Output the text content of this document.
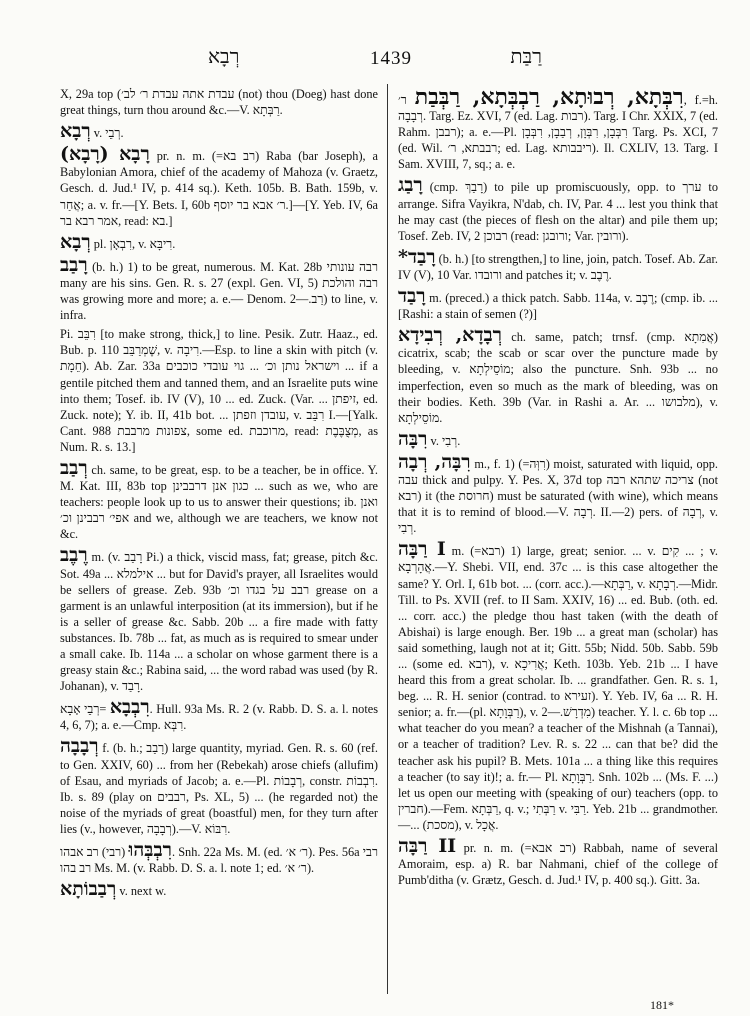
רְבָא	1439	רַבַּת

X, 29a top (עבדת אתה עבדת ר׳ לב׳ (not) thou (Doeg) hast done great things, turn thou around &c.—V. רַבְּתָא.

רְבָא v. רְבֵי.

רָבָא (רָבָא) pr. n. m. (=רב בא) Raba (bar Joseph), a Babylonian Amora, chief of the academy of Mahoza (v. Graetz, Gesch. d. Jud.¹ IV, p. 414 sq.). Keth. 105b. B. Bath. 159b, v. אֲחַר; a. v. fr.—[Y. Bets. I, 60b ר׳ אבא בר יוסף.]—[Y. Yeb. IV, 6a אמר רבא בר, read: בא.]

רְבָא pl. רִבְאָן, v. רִיבָּא.

רָבַב (b. h.) 1) to be great, numerous. M. Kat. 28b רבה עונותי many are his sins. Gen. R. s. 27 (expl. Gen. VI, 5) רבה והולכת was growing more and more; a. e.— Denom. רַב.—2) to line, v. infra.

Pi. רִבֵּב [to make strong, thick,] to line. Pesik. Zutr. Haaz., ed. Bub. p. 110 שֶׁמְרַבֵּב, v. רִיבָה.—Esp. to line a skin with pitch (v. חֵמָת). Ab. Zar. 33a וישראל נותן וכ׳ ... גוי עובדי כוכבים ... if a gentile pitched them and tanned them, and an Israelite puts wine into them; Tosef. ib. IV (V), 10 ... ed. Zuck. (Var. ... זיפתן, ed. Zuck. note); Y. ib. II, 41b bot. ... עובדן וזפתן, v. רִבֵּב I.—[Yalk. Cant. 988 צפונות מרבבת, some ed. מרוכבת, read: מְצֻבֶּבֶת, as Num. R. s. 13.]

רְבַב ch. same, to be great, esp. to be a teacher, be in office. Y. M. Kat. III, 83b top כגון אנן דרבבינן ... such as we, who are teachers: people look up to us to answer their questions; ib. ואנן אפי׳ רבבינן וכ׳ and we, although we are teachers, we know not &c.

רֶבֶב m. (v. רָבַב Pi.) a thick, viscid mass, fat; grease, pitch &c. Sot. 49a ... אילמלא ... but for David's prayer, all Israelites would be sellers of grease. Zeb. 93b רבב על בגדו וכ׳ grease on a garment is an unlawful interposition (at its immersion), but if he is a seller of grease &c. Sabb. 20b ... a fire made with fatty substances. Ib. 78b ... fat, as much as is required to smear under a small cake. Ib. 114a ... a scholar on whose garment there is a greasy stain &c.; Rabina said, ... the word rabad was used (by R. Johanan), v. רָבַד.

רִבְבָא =רְבֵי אָבָא. Hull. 93a Ms. R. 2 (v. Rabb. D. S. a. l. notes 4, 6, 7); a. e.—Cmp. רִבְּא.

רְבָבָה f. (b. h.; רָבַב) large quantity, myriad. Gen. R. s. 60 (ref. to Gen. XXIV, 60) ... from her (Rebekah) arose chiefs (allufim) of Esau, and myriads of Jacob; a. e.—Pl. רְבָבוֹת, constr. רִבְבוֹת. Ib. s. 89 (play on רבבים, Ps. XL, 5) ... (he regarded not) the noise of the myriads of great (boastful) men, for they turn after lies (v., however, רְבָבָה).—V. רִבּוֹא.

רִבְבְּהוּ (רבי) רב אבהו. Snh. 22a Ms. M. (ed. ר׳ א׳). Pes. 56a רבי רב בהו Ms. M. (v. Rabb. D. S. a. l. note 1; ed. ר׳ א׳).

רְבַבוֹתָא v. next w.

רִבְּתָא, רְבוּתָא, רַבְבְּתָא, רַבְּבַת ר׳, f.=h. רְבָבָה. Targ. Ez. XVI, 7 (ed. Lag. רבות). Targ. I Chr. XXIX, 7 (ed. Rahm. רבבן); a. e.—Pl. רִבְּבָן, רִבְּוָן, רְבַבָן, רִבְּבָן Targ. Ps. XCI, 7 (ed. Wil. רבבתא, ר׳; ed. Lag. ריבבותא). Il. CXLIV, 13. Targ. I Sam. XVIII, 7, sq.; a. e.

רָבַג (cmp. רָבַךְ) to pile up promiscuously, opp. to ערך to arrange. Sifra Vayikra, N'dab, ch. IV, Par. 4 ... lest you think that he may cast (the pieces of flesh on the altar) and pile them up; Tosef. Zeb. IV, 2 רבוכן (read: ורובגן; Var. ורובין).

*רָבַד (b. h.) [to strengthen,] to line, join, patch. Tosef. Ab. Zar. IV (V), 10 Var. ורובדו and patches it; v. רֶבֶב.

רָבַד m. (preced.) a thick patch. Sabb. 114a, v. רֶבֶב; (cmp. ib. ... [Rashi: a stain of semen (?)]

רְבָדָא, רְבִידָא ch. same, patch; trnsf. (cmp. אֲמִתָא) cicatrix, scab; the scab or scar over the puncture made by bleeding, v. מוֹסֵילְתָא; also the puncture. Snh. 93b ... no imperfection, even so much as the mark of bleeding, was on their bodies. Keth. 39b (Var. in Rashi a. Ar. ... מלבושו), v. מוֹסֵילְתָא.

רִבָּה v. רְבִי.

רִבָּה, רְבָה m., f. 1) (=רִוְּה) moist, saturated with liquid, opp. עבה thick and pulpy. Y. Pes. X, 37d top צריכה שתהא רבה (not רבא) it (the חרוסת) must be saturated (with wine), which means that it is to remind of blood.—V. רְבָה. II.—2) pers. of רְבָה, v. רְבִי.

רַבָּה I m. (=רבא) 1) large, great; senior. ... v. קִים ... ; v. אֲהָרְבָא.—Y. Shebi. VII, end. 37c ... is this case altogether the same? Y. Orl. I, 61b bot. ... (corr. acc.).—רַבְּתָא, v. רְבָתָא.—Midr. Till. to Ps. XVII (ref. to II Sam. XXIV, 16) ... ed. Bub. (oth. ed. ... corr. acc.) the pledge thou hast taken (with the death of Abishai) is large enough. Ber. 19b ... a great man (scholar) has said something, laugh not at it; Gitt. 55b; Nidd. 50b. Sabb. 59b ... (some ed. רבא), v. אֲרִיכָא; Keth. 103b. Yeb. 21b ... I have heard this from a great scholar. Ib. ... grandfather. Gen. R. s. 1, beg. ... R. H. senior (contrad. to זעירא). Y. Yeb. IV, 6a ... R. H. senior; a. fr.—(pl. רַבְּוָתָא), v. מִדְרָשׁ.—2) teacher. Y. l. c. 6b top ... what teacher do you mean? a teacher of the Mishnah (a Tannai), or a teacher of tradition? Lev. R. s. 22 ... can that be? did the teacher ask his pupil? B. Mets. 101a ... a thing like this requires a teacher (to say it)!; a. fr.— Pl. רַבְּוָתָא. Snh. 102b ... (Ms. F. ...) let us open our meeting with (speaking of our) teachers (opp. to חברין).—Fem. רַבְּתָא, q. v.; רַבְּתִי v. רַבִּי. Yeb. 21b ... grandmother.—... (מסכת), v. אֲכָל.

רַבָּה II pr. n. m. (=רב אבא) Rabbah, name of several Amoraim, esp. a) R. bar Nahmani, chief of the college of Pumb'ditha (v. Grætz, Gesch. d. Jud.¹ IV, p. 400 sq.). Gitt. 3a.

181*
